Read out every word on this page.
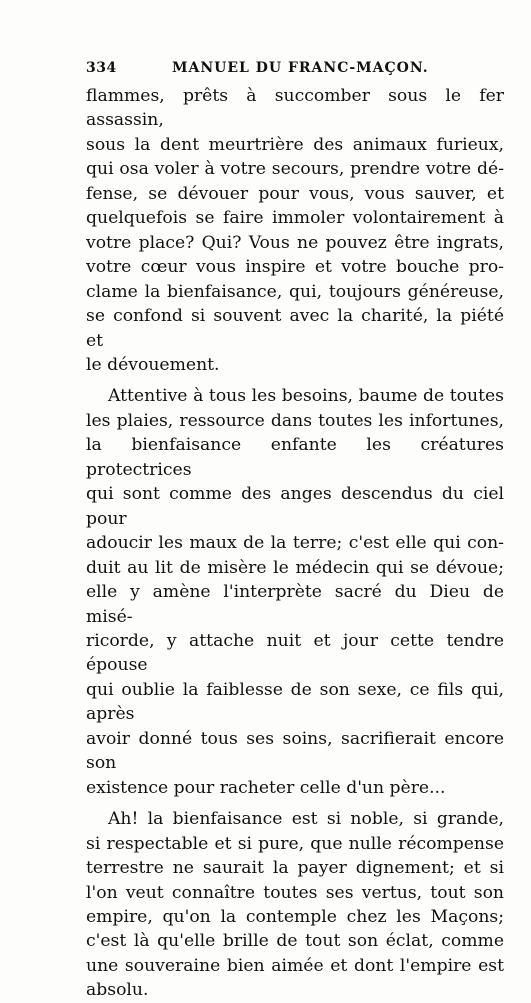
334	MANUEL DU FRANC-MAÇON.

flammes, prêts à succomber sous le fer assassin,
sous la dent meurtrière des animaux furieux,
qui osa voler à votre secours, prendre votre dé-
fense, se dévouer pour vous, vous sauver, et
quelquefois se faire immoler volontairement à
votre place? Qui? Vous ne pouvez être ingrats,
votre cœur vous inspire et votre bouche pro-
clame la bienfaisance, qui, toujours généreuse,
se confond si souvent avec la charité, la piété et
le dévouement.

Attentive à tous les besoins, baume de toutes
les plaies, ressource dans toutes les infortunes,
la bienfaisance enfante les créatures protectrices
qui sont comme des anges descendus du ciel pour
adoucir les maux de la terre; c'est elle qui con-
duit au lit de misère le médecin qui se dévoue;
elle y amène l'interprète sacré du Dieu de misé-
ricorde, y attache nuit et jour cette tendre épouse
qui oublie la faiblesse de son sexe, ce fils qui, après
avoir donné tous ses soins, sacrifierait encore son
existence pour racheter celle d'un père...

Ah! la bienfaisance est si noble, si grande,
si respectable et si pure, que nulle récompense
terrestre ne saurait la payer dignement; et si
l'on veut connaître toutes ses vertus, tout son
empire, qu'on la contemple chez les Maçons;
c'est là qu'elle brille de tout son éclat, comme
une souveraine bien aimée et dont l'empire est
absolu.
